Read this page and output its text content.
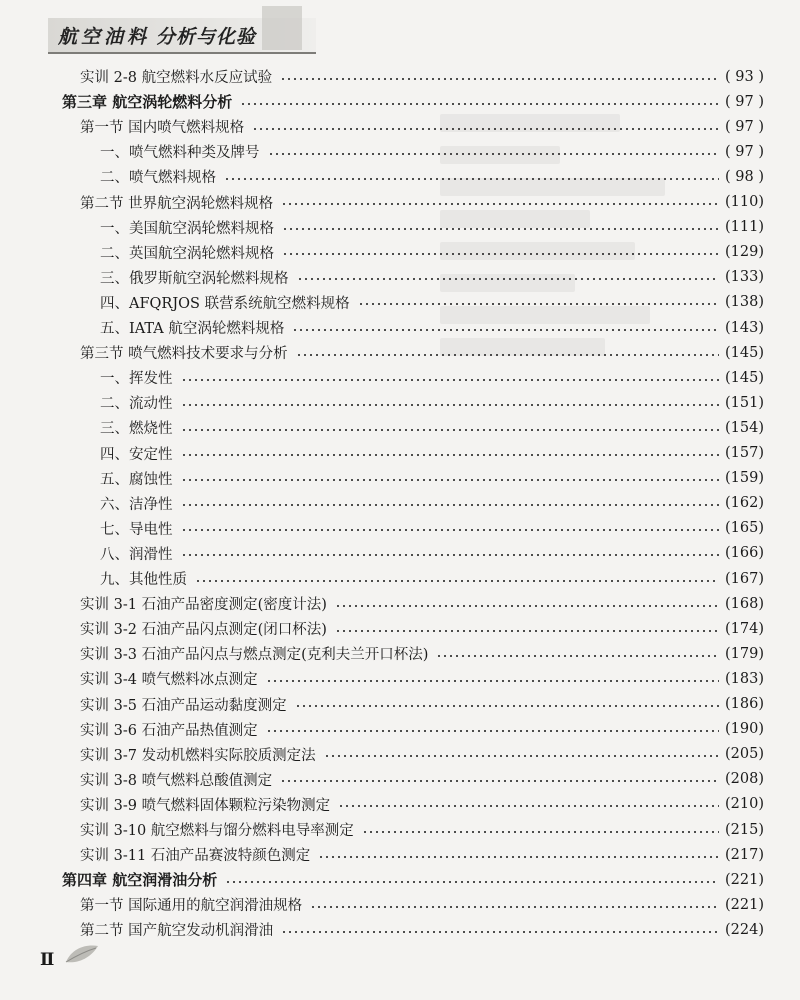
航空油料 分析与化验
实训 2-8 航空燃料水反应试验	( 93 )
第三章 航空涡轮燃料分析	( 97 )
第一节 国内喷气燃料规格	( 97 )
一、喷气燃料种类及牌号	( 97 )
二、喷气燃料规格	( 98 )
第二节 世界航空涡轮燃料规格	(110)
一、美国航空涡轮燃料规格	(111)
二、英国航空涡轮燃料规格	(129)
三、俄罗斯航空涡轮燃料规格	(133)
四、AFQRJOS 联营系统航空燃料规格	(138)
五、IATA 航空涡轮燃料规格	(143)
第三节 喷气燃料技术要求与分析	(145)
一、挥发性	(145)
二、流动性	(151)
三、燃烧性	(154)
四、安定性	(157)
五、腐蚀性	(159)
六、洁净性	(162)
七、导电性	(165)
八、润滑性	(166)
九、其他性质	(167)
实训 3-1 石油产品密度测定(密度计法)	(168)
实训 3-2 石油产品闪点测定(闭口杯法)	(174)
实训 3-3 石油产品闪点与燃点测定(克利夫兰开口杯法)	(179)
实训 3-4 喷气燃料冰点测定	(183)
实训 3-5 石油产品运动黏度测定	(186)
实训 3-6 石油产品热值测定	(190)
实训 3-7 发动机燃料实际胶质测定法	(205)
实训 3-8 喷气燃料总酸值测定	(208)
实训 3-9 喷气燃料固体颗粒污染物测定	(210)
实训 3-10 航空燃料与馏分燃料电导率测定	(215)
实训 3-11 石油产品赛波特颜色测定	(217)
第四章 航空润滑油分析	(221)
第一节 国际通用的航空润滑油规格	(221)
第二节 国产航空发动机润滑油	(224)
Ⅱ
